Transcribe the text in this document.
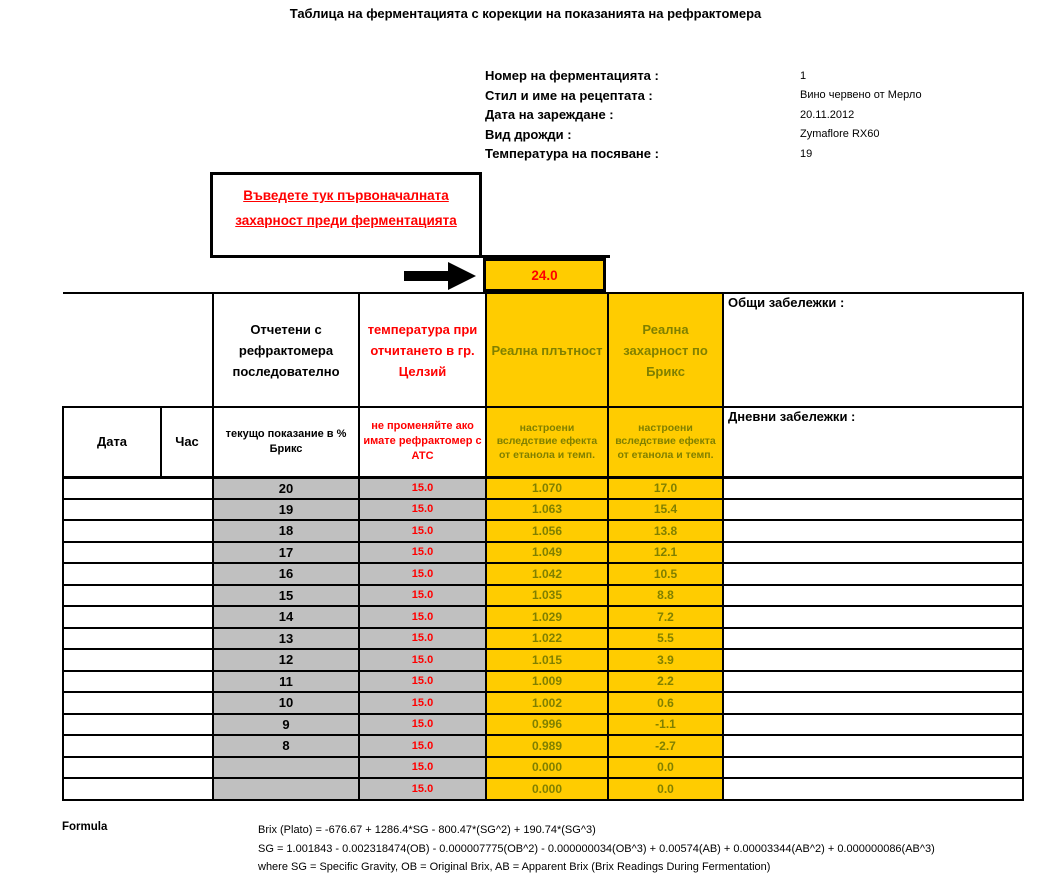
Таблица на ферментацията с корекции на показанията на рефрактомера
Номер на ферментацията :	1
Стил и име на рецептата :	Вино червено от Мерло
Дата на зареждане :	20.11.2012
Вид дрожди :	Zymaflore RX60
Температура на посяване :	19
Въведете тук първоначалната захарност преди ферментацията
24.0
		Отчетени с рефрактомера последователно	температура при отчитането в гр. Целзий	Реална плътност	Реална захарност по Брикс	Общи забележки :
Дата	Час	текущо показание в % Брикс	не променяйте ако имате рефрактомер с АТС	настроени вследствие ефекта от етанола и темп.	настроени вследствие ефекта от етанола и темп.	Дневни забележки :
		20	15.0	1.070	17.0	
		19	15.0	1.063	15.4	
		18	15.0	1.056	13.8	
		17	15.0	1.049	12.1	
		16	15.0	1.042	10.5	
		15	15.0	1.035	8.8	
		14	15.0	1.029	7.2	
		13	15.0	1.022	5.5	
		12	15.0	1.015	3.9	
		11	15.0	1.009	2.2	
		10	15.0	1.002	0.6	
		9	15.0	0.996	-1.1	
		8	15.0	0.989	-2.7	
			15.0	0.000	0.0	
			15.0	0.000	0.0	
Formula	Brix (Plato) = -676.67 + 1286.4*SG - 800.47*(SG^2) + 190.74*(SG^3)
SG = 1.001843 - 0.002318474(OB) - 0.000007775(OB^2) - 0.000000034(OB^3) + 0.00574(AB) + 0.00003344(AB^2) + 0.000000086(AB^3)
where SG = Specific Gravity, OB = Original Brix, AB = Apparent Brix (Brix Readings During Fermentation)
